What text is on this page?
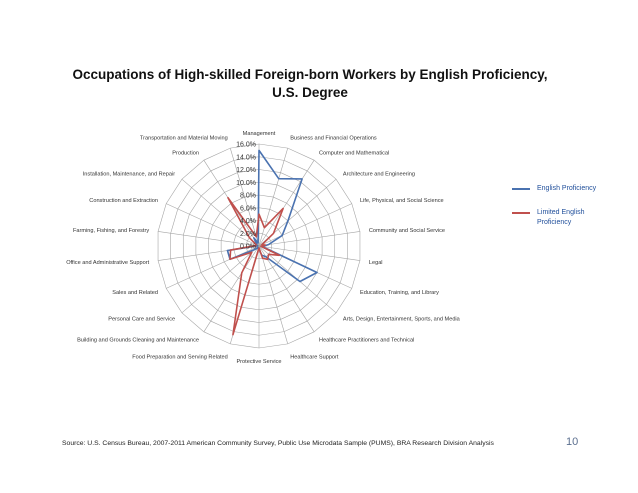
Occupations of High-skilled Foreign-born Workers by English Proficiency, U.S. Degree
0.0%
2.0%
4.0%
6.0%
8.0%
10.0%
12.0%
14.0%
16.0%
Management
Business and Financial Operations
Computer and Mathematical
Architecture and Engineering
Life, Physical, and Social Science
Community and Social Service
Legal
Education, Training, and Library
Arts, Design, Entertainment, Sports, and Media
Healthcare Practitioners and Technical
Healthcare Support
Protective Service
Food Preparation and Serving Related
Building and Grounds Cleaning and Maintenance
Personal Care and Service
Sales and Related
Office and Administrative Support
Farming, Fishing, and Forestry
Construction and Extraction
Installation, Maintenance, and Repair
Production
Transportation and Material Moving
English Proficiency
Limited English Proficiency
Source: U.S. Census Bureau, 2007-2011 American Community Survey, Public Use Microdata Sample (PUMS), BRA Research Division Analysis	10
